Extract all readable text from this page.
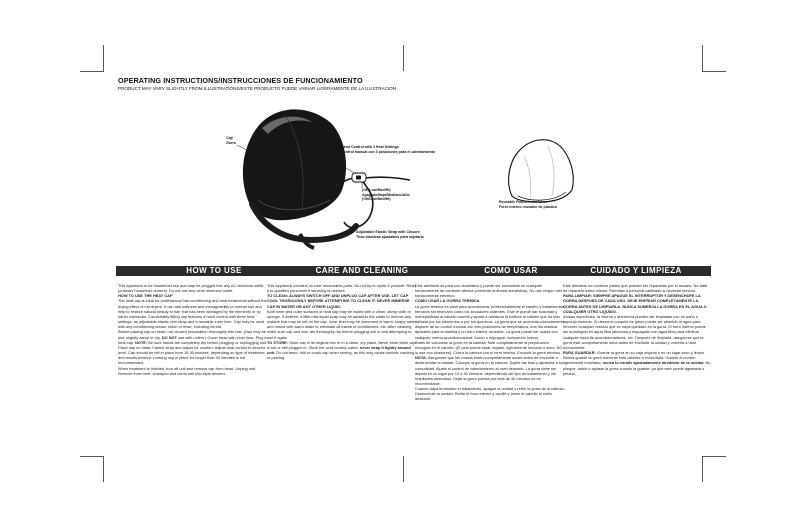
OPERATING INSTRUCTIONS/INSTRUCCIONES DE FUNCIONAMIENTO
PRODUCT MAY VARY SLIGHTLY FROM ILLUSTRATIONS/ESTE PRODUCTO PUEDE VARIAR LIGERAMENTE DE LA ILUSTRACION
Cap
Gorra
Hand Control with 3 Heat Settings
Control manual con 3 posiciones para el calentamiento
(Off/Low/Med/Hi)
Apagado/Bajo/Mediano/Alto
(Off/Low/Med/Hi)
Adjustable Elastic Strap with Closure
Tiras elásticas ajustables para sujetarla
Reusable Plastic Inner Liner
Forro interno reusable de plástico
HOW TO USE	CARE AND CLEANING	COMO USAR	CUIDADO Y LIMPIEZA

This appliance is for household use and may be plugged into any AC electrical outlet (ordinary household current). Do not use any other electrical outlet.

HOW TO USE THE HEAT CAP

The heat cap is ideal for professional hair conditioning and heat treatments without the drying effect of hot dryers. It can add softness and manageability to normal hair and help to restore natural beauty to hair that has been damaged by the elements or by harsh chemicals. Comfortably fitting cap features a hand control with three heat settings, an adjustable elastic chin strap and a reusable inner liner. Cap may be used with any conditioning cream, lotion or rinse, including henna.

Before placing cap on head, rub chosen preparation thoroughly into hair. (Hair may be wet, slightly damp or dry. DO NOT use with rollers.) Cover head with inner liner. Plug in heat cap. NOTE: Be sure hands are completely dry before plugging or unplugging unit. Place cap on head. Fasten strap and adjust for comfort. Adjust heat control to desired level. Cap should be left in place from 10-30 minutes, depending on type of treatment and results desired. Leaving cap in place for longer than 30 minutes is not recommended.

When treatment is finished, turn off unit and remove cap from head. Unplug unit. Remove inner liner, shampoo and comb hair into style desired.

This appliance contains no user serviceable parts. Do not try to repair it yourself. Refer it to qualified personnel if servicing is needed.

TO CLEAN: ALWAYS SWITCH OFF AND UNPLUG CAP AFTER USE. LET CAP COOL THOROUGHLY BEFORE ATTEMPTING TO CLEAN IT. NEVER IMMERSE CAP IN WATER OR ANY OTHER LIQUID.

Both inner and outer surfaces of heat cap may be wiped with a clean, damp cloth or sponge. If desired, a little mild liquid soap may be added to the water to remove any residue that may be left on the cap. Inner liner may be immersed in warm, soapy water and rinsed with warm water to eliminate all traces of conditioners, etc. After cleaning, make sure cap and liner are thoroughly dry before plugging unit in and attempting to use it again.

TO STORE: Store cap in its original box or in a clean, dry place. Never store while cap is hot or still plugged in. Store the cord loosely coiled, never wrap it tightly around unit. Do not bend, fold or crush cap when storing, as this may cause surface cracking or peeling.

Este artefacto es para uso doméstico y puede ser enchufado en cualquier tomacorriente de corriente alterna (corriente ordinaria doméstica). No use ningún otro tomacorriente eléctrico.

COMO USAR LA GORRA TERMICA

La gorra térmica es ideal para acondicionar profesionalmente el cabello y tratamientos térmicos sin resecarlo como los secadores calientes. Este le puede dar suavidad y manejabilidad al cabello normal y ayuda a restaurar la belleza al cabello que ha sido dañado por los elementos o por los químicos. La gorra que se acomoda cómodamente dispone de un control manual con tres posiciones de temperatura, una tira elástica ajustable para la barbilla y un forro interior reusable. La gorra puede ser usada con cualquier crema acondicionadora, loción o enjuague, incluyendo henna.

Antes de colocarse la gorra en la cabeza, frote completamente la preparación escogida en el cabello. (El pelo puede estar mojado, ligeramente húmedo o seco. NO lo use con rizadores). Cubra la cabeza con el forro interno. Enchufe la gorra térmica.

NOTA: Asegúrese que las manos estén completamente secas antes de enchufar o desenchufar la unidad. Coloque la gorra en la cabeza. Sujete las tiras y ajústelas a su comodidad. Ajuste el control de calentamiento al nivel deseado. La gorra debe ser dejada en su lugar por 10 a 30 minutos, dependiendo del tipo de tratamiento y los resultados deseados. Dejar la gorra puesta por más de 30 minutos no es recomendable.

Cuando haya terminado el tratamiento, apague la unidad y retire la gorra de la cabeza. Desenchufe la unidad. Retire el forro interno y cepille y peine el cabello al estilo deseado.

Este artefacto no contiene partes que puedan ser reparadas por el usuario. No trate de repararlo usted mismo. Remítalo a personal calificado si necesita servicio.

PARA LIMPIAR: SIEMPRE APAGUE EL INTERRUPTOR Y DESENCHUFE LA GORRA DESPUES DE CADA USO. DEJE ENFRIAR COMPLETAMENTE LA GORRA ANTES DE LIMPIARLA. NUNCA SUMERJA LA GORRA EN EL AGUA O CUALQUIER OTRO LIQUIDO.

Ambas superficies, la interna y la externa pueden ser limpiadas con un paño o esponja húmedo. Si desea un poquito de jabón puede ser añadido al agua para remover cualquier residuo que se haya quedado en la gorra. El forro interno puede ser sumergido en agua tibia jabonosa y enjuagado con agua tibia para eliminar cualquier traza de acondicionadores, etc. Después de limpiarla, asegúrese que la gorra esté completamente seca antes de enchufar la unidad y volverla a usar nuevamente.

PARA GUARDAR: Guarde la gorra en su caja original o en un lugar seco y limpio. Nunca guarde la gorra mientras esté caliente o enchufada. Guarde el cordón ligeramente enrollado; nunca lo enrolle ajustadamente alrededor de la unidad. No pliegue, doble o aplaste la gorra cuando la guarde, ya que esto puede agrietarla o pelarla.
